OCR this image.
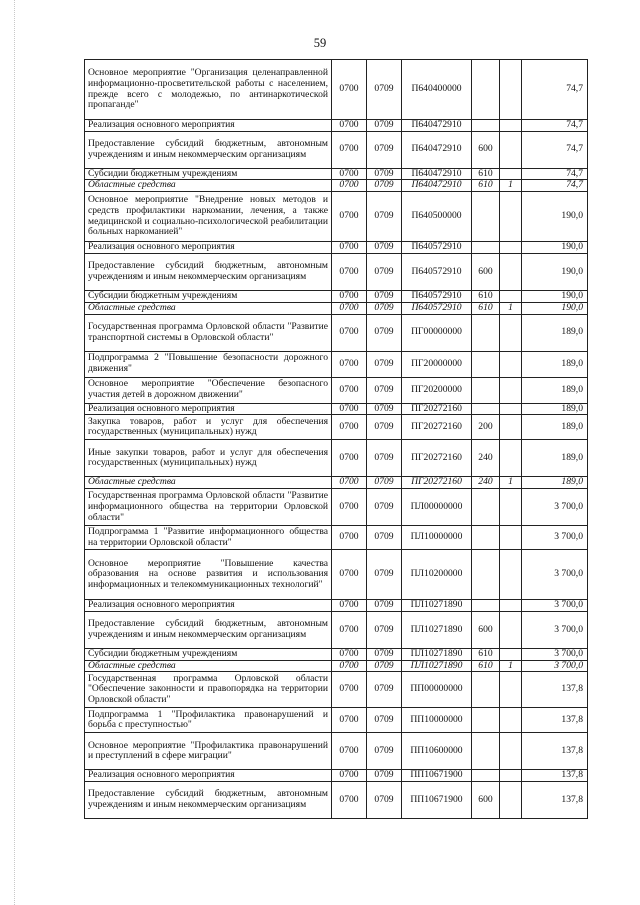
59
Основное мероприятие "Организация целенаправленной информационно-просветительской работы с населением, прежде всего с молодежью, по антинаркотической пропаганде"	0700	0709	П640400000			74,7
Реализация основного мероприятия	0700	0709	П640472910			74,7
Предоставление субсидий бюджетным, автономным учреждениям и иным некоммерческим организациям	0700	0709	П640472910	600		74,7
Субсидии бюджетным учреждениям	0700	0709	П640472910	610		74,7
Областные средства	0700	0709	П640472910	610	1	74,7
Основное мероприятие "Внедрение новых методов и средств профилактики наркомании, лечения, а также медицинской и социально-психологической реабилитации больных наркоманией"	0700	0709	П640500000			190,0
Реализация основного мероприятия	0700	0709	П640572910			190,0
Предоставление субсидий бюджетным, автономным учреждениям и иным некоммерческим организациям	0700	0709	П640572910	600		190,0
Субсидии бюджетным учреждениям	0700	0709	П640572910	610		190,0
Областные средства	0700	0709	П640572910	610	1	190,0
Государственная программа Орловской области "Развитие транспортной системы в Орловской области"	0700	0709	ПГ00000000			189,0
Подпрограмма 2 "Повышение безопасности дорожного движения"	0700	0709	ПГ20000000			189,0
Основное мероприятие "Обеспечение безопасного участия детей в дорожном движении"	0700	0709	ПГ20200000			189,0
Реализация основного мероприятия	0700	0709	ПГ20272160			189,0
Закупка товаров, работ и услуг для обеспечения государственных (муниципальных) нужд	0700	0709	ПГ20272160	200		189,0
Иные закупки товаров, работ и услуг для обеспечения государственных (муниципальных) нужд	0700	0709	ПГ20272160	240		189,0
Областные средства	0700	0709	ПГ20272160	240	1	189,0
Государственная программа Орловской области "Развитие информационного общества на территории Орловской области"	0700	0709	ПЛ00000000			3 700,0
Подпрограмма 1 "Развитие информационного общества на территории Орловской области"	0700	0709	ПЛ10000000			3 700,0
Основное мероприятие "Повышение качества образования на основе развития и использования информационных и телекоммуникационных технологий"	0700	0709	ПЛ10200000			3 700,0
Реализация основного мероприятия	0700	0709	ПЛ10271890			3 700,0
Предоставление субсидий бюджетным, автономным учреждениям и иным некоммерческим организациям	0700	0709	ПЛ10271890	600		3 700,0
Субсидии бюджетным учреждениям	0700	0709	ПЛ10271890	610		3 700,0
Областные средства	0700	0709	ПЛ10271890	610	1	3 700,0
Государственная программа Орловской области "Обеспечение законности и правопорядка на территории Орловской области"	0700	0709	ПП00000000			137,8
Подпрограмма 1 "Профилактика правонарушений и борьба с преступностью"	0700	0709	ПП10000000			137,8
Основное мероприятие "Профилактика правонарушений и преступлений в сфере миграции"	0700	0709	ПП10600000			137,8
Реализация основного мероприятия	0700	0709	ПП10671900			137,8
Предоставление субсидий бюджетным, автономным учреждениям и иным некоммерческим организациям	0700	0709	ПП10671900	600		137,8
